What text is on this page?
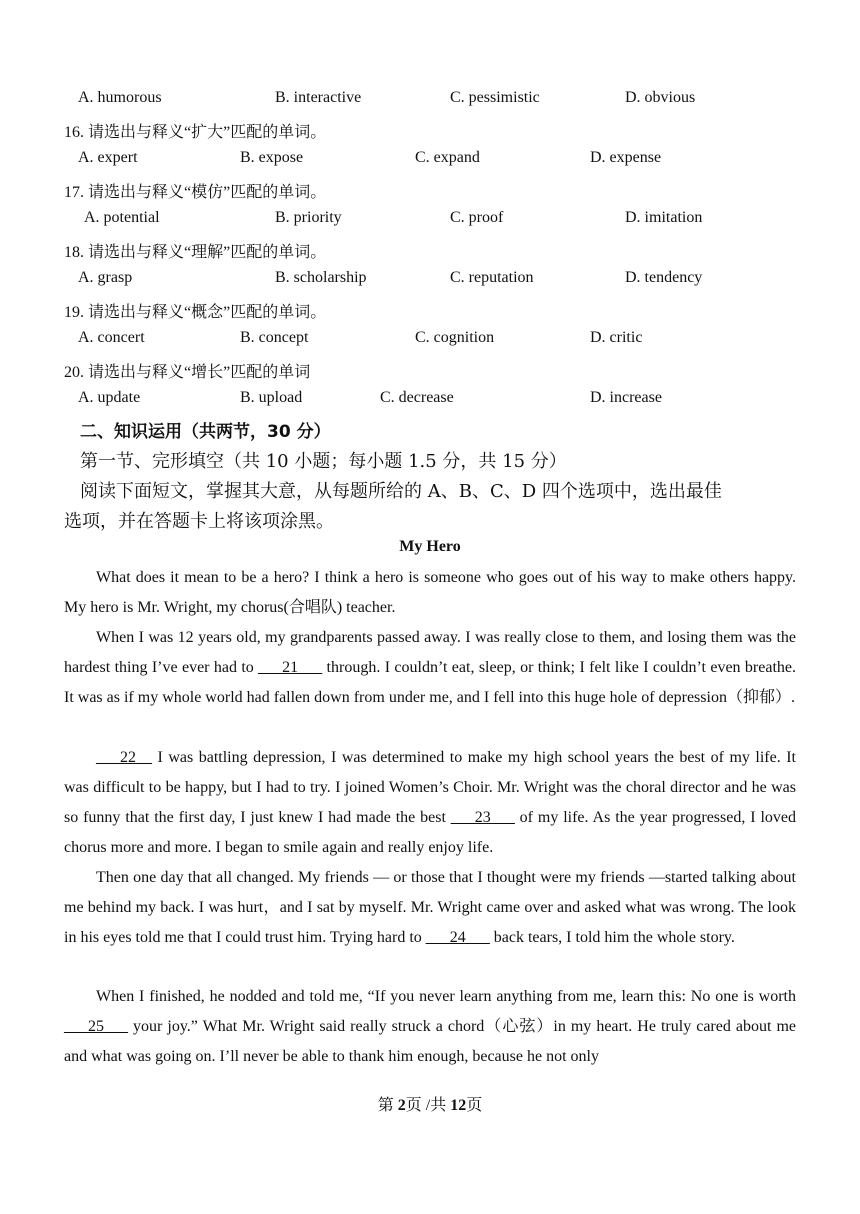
A. humorous	B. interactive	C. pessimistic	D. obvious
16. 请选出与释义“扩大”匹配的单词。
A. expert	B. expose	C. expand	D. expense
17. 请选出与释义“模仿”匹配的单词。
A. potential	B. priority	C. proof	D. imitation
18. 请选出与释义“理解”匹配的单词。
A. grasp	B. scholarship	C. reputation	D. tendency
19. 请选出与释义“概念”匹配的单词。
A. concert	B. concept	C. cognition	D. critic
20. 请选出与释义“增长”匹配的单词
A. update	B. upload	C. decrease	D. increase
二、知识运用（共两节，30 分）
第一节、完形填空（共 10 小题；每小题 1.5 分，共 15 分）
阅读下面短文，掌握其大意，从每题所给的 A、B、C、D 四个选项中，选出最佳
选项，并在答题卡上将该项涂黑。
My Hero
What does it mean to be a hero? I think a hero is someone who goes out of his way to make others happy. My hero is Mr. Wright, my chorus(合唱队) teacher.
When I was 12 years old, my grandparents passed away. I was really close to them, and losing them was the hardest thing I’ve ever had to ___21___ through. I couldn’t eat, sleep, or think; I felt like I couldn’t even breathe. It was as if my whole world had fallen down from under me, and I fell into this huge hole of depression（抑郁）.
___22__ I was battling depression, I was determined to make my high school years the best of my life. It was difficult to be happy, but I had to try. I joined Women’s Choir. Mr. Wright was the choral director and he was so funny that the first day, I just knew I had made the best ___23___ of my life. As the year progressed, I loved chorus more and more. I began to smile again and really enjoy life.
Then one day that all changed. My friends — or those that I thought were my friends —started talking about me behind my back. I was hurt，and I sat by myself. Mr. Wright came over and asked what was wrong. The look in his eyes told me that I could trust him. Trying hard to ___24___ back tears, I told him the whole story.
When I finished, he nodded and told me, “If you never learn anything from me, learn this: No one is worth ___25___ your joy.” What Mr. Wright said really struck a chord（心弦）in my heart. He truly cared about me and what was going on. I’ll never be able to thank him enough, because he not only
第 2页 /共 12页
